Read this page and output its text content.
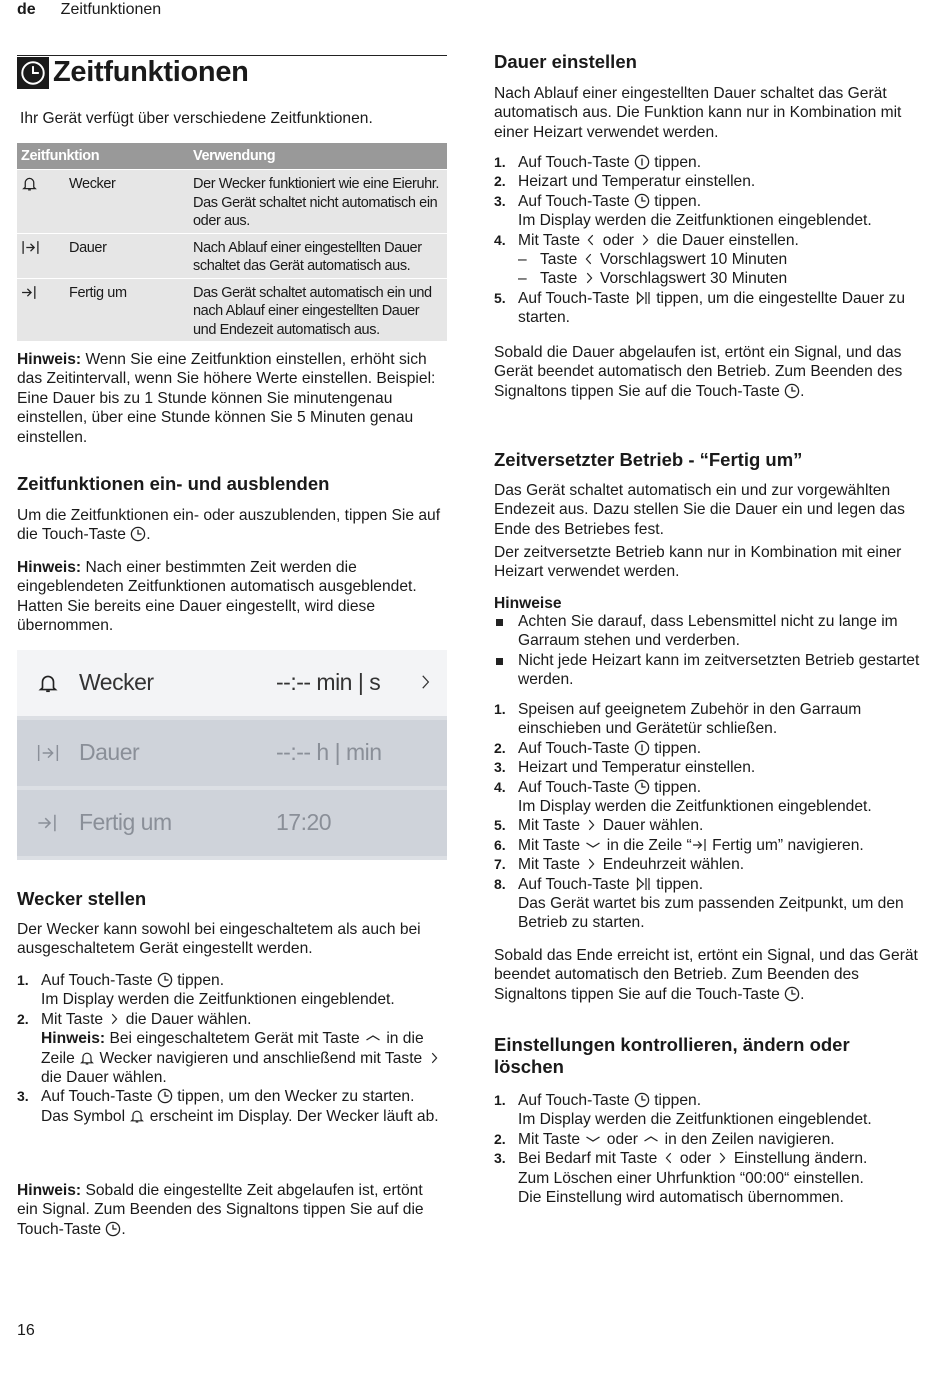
de Zeitfunktionen
Zeitfunktionen

Ihr Gerät verfügt über verschiedene Zeitfunktionen.

Zeitfunktion		Verwendung
	Wecker	Der Wecker funktioniert wie eine Eieruhr. Das Gerät schaltet nicht automatisch ein oder aus.
	Dauer	Nach Ablauf einer eingestellten Dauer schaltet das Gerät automatisch aus.
	Fertig um	Das Gerät schaltet automatisch ein und nach Ablauf einer eingestellten Dauer und Endezeit automatisch aus.

Hinweis: Wenn Sie eine Zeitfunktion einstellen, erhöht sich das Zeitintervall, wenn Sie höhere Werte einstellen. Beispiel: Eine Dauer bis zu 1 Stunde können Sie minutengenau einstellen, über eine Stunde können Sie 5 Minuten genau einstellen.

Zeitfunktionen ein- und ausblenden

Um die Zeitfunktionen ein- oder auszublenden, tippen Sie auf die Touch-Taste .

Hinweis: Nach einer bestimmten Zeit werden die eingeblendeten Zeitfunktionen automatisch ausgeblendet. Hatten Sie bereits eine Dauer eingestellt, wird diese übernommen.

Wecker	--:-- min | s
Dauer	--:-- h | min
Fertig um	17:20
Wecker stellen

Der Wecker kann sowohl bei eingeschaltetem als auch bei ausgeschaltetem Gerät eingestellt werden.

1. Auf Touch-Taste  tippen.
Im Display werden die Zeitfunktionen eingeblendet.
2. Mit Taste  die Dauer wählen.
Hinweis: Bei eingeschaltetem Gerät mit Taste  in die Zeile  Wecker navigieren und anschließend mit Taste  die Dauer wählen.
3. Auf Touch-Taste  tippen, um den Wecker zu starten.
Das Symbol  erscheint im Display. Der Wecker läuft ab.

Hinweis: Sobald die eingestellte Zeit abgelaufen ist, ertönt ein Signal. Zum Beenden des Signaltons tippen Sie auf die Touch-Taste .

Dauer einstellen

Nach Ablauf einer eingestellten Dauer schaltet das Gerät automatisch aus. Die Funktion kann nur in Kombination mit einer Heizart verwendet werden.

1. Auf Touch-Taste  tippen.
2. Heizart und Temperatur einstellen.
3. Auf Touch-Taste  tippen.
Im Display werden die Zeitfunktionen eingeblendet.
4. Mit Taste  oder  die Dauer einstellen.
– Taste  Vorschlagswert 10 Minuten
– Taste  Vorschlagswert 30 Minuten
5. Auf Touch-Taste  tippen, um die eingestellte Dauer zu starten.

Sobald die Dauer abgelaufen ist, ertönt ein Signal, und das Gerät beendet automatisch den Betrieb. Zum Beenden des Signaltons tippen Sie auf die Touch-Taste .

Zeitversetzter Betrieb - “Fertig um”

Das Gerät schaltet automatisch ein und zur vorgewählten Endezeit aus. Dazu stellen Sie die Dauer ein und legen das Ende des Betriebes fest.

Der zeitversetzte Betrieb kann nur in Kombination mit einer Heizart verwendet werden.

Hinweise

Achten Sie darauf, dass Lebensmittel nicht zu lange im Garraum stehen und verderben.
Nicht jede Heizart kann im zeitversetzten Betrieb gestartet werden.
1. Speisen auf geeignetem Zubehör in den Garraum einschieben und Gerätetür schließen.
2. Auf Touch-Taste  tippen.
3. Heizart und Temperatur einstellen.
4. Auf Touch-Taste  tippen.
Im Display werden die Zeitfunktionen eingeblendet.
5. Mit Taste  Dauer wählen.
6. Mit Taste  in die Zeile “ Fertig um” navigieren.
7. Mit Taste  Endeuhrzeit wählen.
8. Auf Touch-Taste  tippen.
Das Gerät wartet bis zum passenden Zeitpunkt, um den Betrieb zu starten.

Sobald das Ende erreicht ist, ertönt ein Signal, und das Gerät beendet automatisch den Betrieb. Zum Beenden des Signaltons tippen Sie auf die Touch-Taste .

Einstellungen kontrollieren, ändern oder löschen
1. Auf Touch-Taste  tippen.
Im Display werden die Zeitfunktionen eingeblendet.
2. Mit Taste  oder  in den Zeilen navigieren.
3. Bei Bedarf mit Taste  oder  Einstellung ändern.
Zum Löschen einer Uhrfunktion “00:00“ einstellen.
Die Einstellung wird automatisch übernommen.
16
